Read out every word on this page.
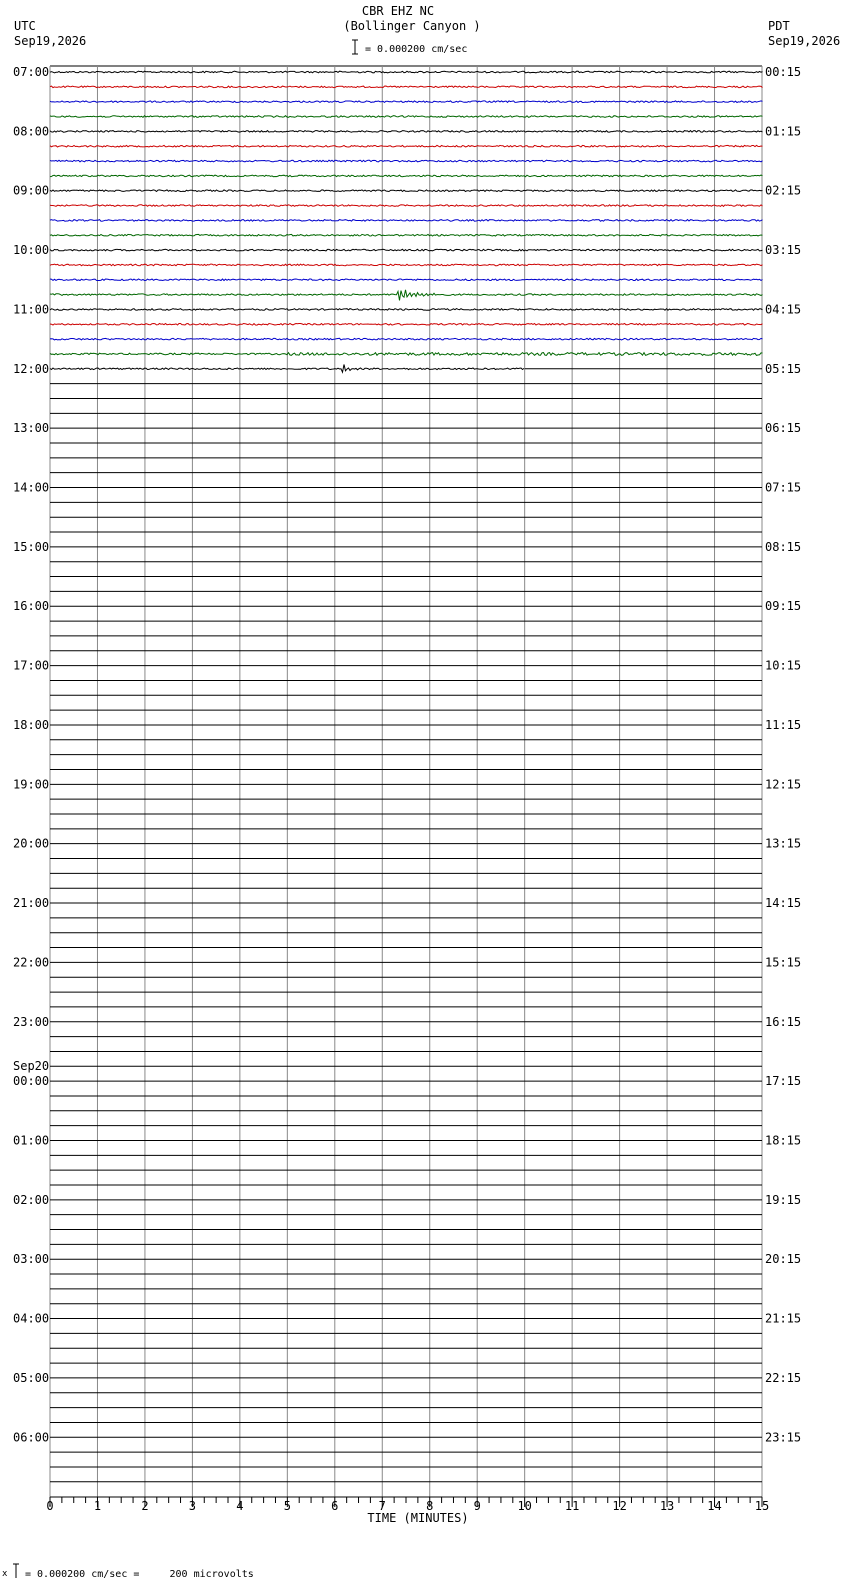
CBR EHZ NC
(Bollinger Canyon )
= 0.000200 cm/sec
UTC
Sep19,2026
PDT
Sep19,2026
07:00
08:00
09:00
10:00
11:00
12:00
13:00
14:00
15:00
16:00
17:00
18:00
19:00
20:00
21:00
22:00
23:00
00:00
Sep20
01:00
02:00
03:00
04:00
05:00
06:00
00:15
01:15
02:15
03:15
04:15
05:15
06:15
07:15
08:15
09:15
10:15
11:15
12:15
13:15
14:15
15:15
16:15
17:15
18:15
19:15
20:15
21:15
22:15
23:15
0	1	2	3	4	5	6	7	8	9	10	11	12	13	14	15
TIME (MINUTES)
x = 0.000200 cm/sec =     200 microvolts
